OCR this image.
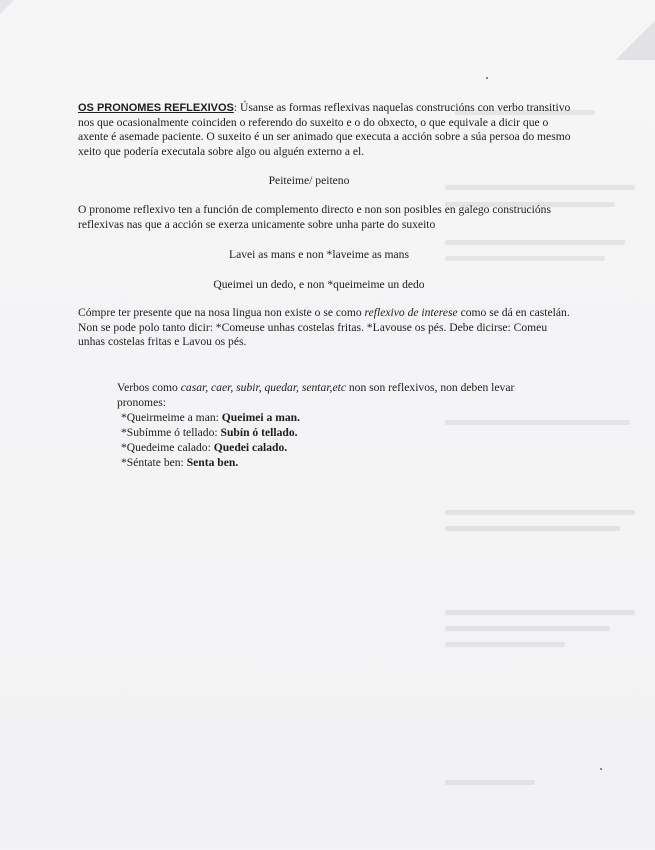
OS PRONOMES REFLEXIVOS: Úsanse as formas reflexivas naquelas construcións con verbo transitivo nos que ocasionalmente coinciden o referendo do suxeito e o do obxecto, o que equivale a dicir que o axente é asemade paciente. O suxeito é un ser animado que executa a acción sobre a súa persoa do mesmo xeito que podería executala sobre algo ou alguén externo a el.

Peiteime/ peiteno

O pronome reflexivo ten a función de complemento directo e non son posibles en galego construcións reflexivas nas que a acción se exerza unicamente sobre unha parte do suxeito

Lavei as mans e non *laveime as mans

Queimei un dedo, e non *queimeime un dedo

Cómpre ter presente que na nosa lingua non existe o se como reflexivo de interese como se dá en castelán. Non se pode polo tanto dicir: *Comeuse unhas costelas fritas. *Lavouse os pés. Debe dicirse: Comeu unhas costelas fritas e Lavou os pés.

Verbos como casar, caer, subir, quedar, sentar,etc non son reflexivos, non deben levar pronomes:

*Queirmeime a man: Queimei a man.
*Subímme ó tellado: Subín ó tellado.
*Quedeime calado: Quedei calado.
*Séntate ben: Senta ben.
